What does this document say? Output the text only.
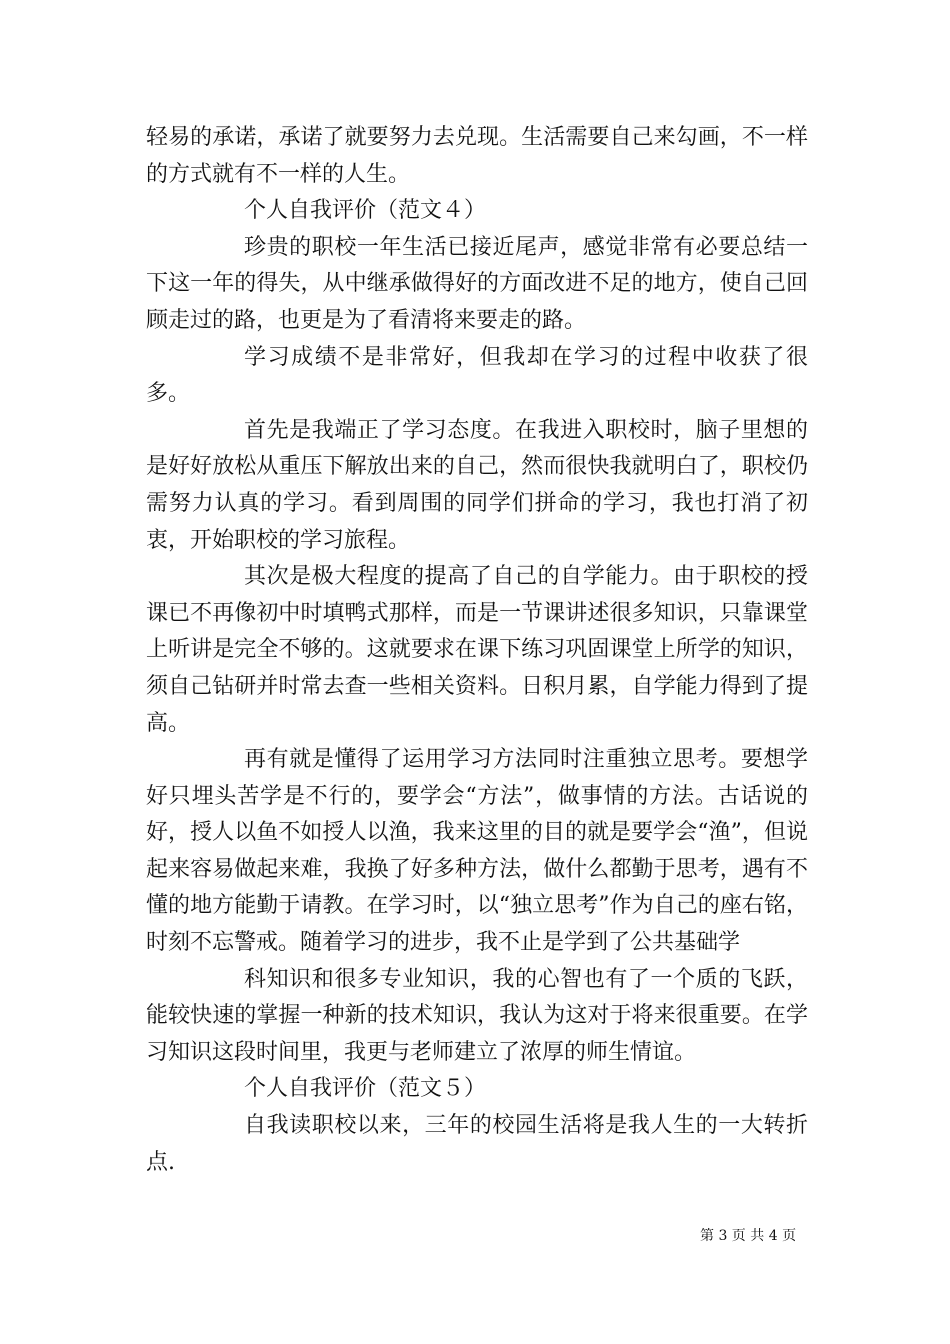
轻易的承诺，承诺了就要努力去兑现。生活需要自己来勾画，不一样的方式就有不一样的人生。

个人自我评价（范文４）

珍贵的职校一年生活已接近尾声，感觉非常有必要总结一下这一年的得失，从中继承做得好的方面改进不足的地方，使自己回顾走过的路，也更是为了看清将来要走的路。

学习成绩不是非常好，但我却在学习的过程中收获了很多。

首先是我端正了学习态度。在我进入职校时，脑子里想的是好好放松从重压下解放出来的自己，然而很快我就明白了，职校仍需努力认真的学习。看到周围的同学们拼命的学习，我也打消了初衷，开始职校的学习旅程。

其次是极大程度的提高了自己的自学能力。由于职校的授课已不再像初中时填鸭式那样，而是一节课讲述很多知识，只靠课堂上听讲是完全不够的。这就要求在课下练习巩固课堂上所学的知识，须自己钻研并时常去查一些相关资料。日积月累，自学能力得到了提高。

再有就是懂得了运用学习方法同时注重独立思考。要想学好只埋头苦学是不行的，要学会“方法”，做事情的方法。古话说的好，授人以鱼不如授人以渔，我来这里的目的就是要学会“渔”，但说起来容易做起来难，我换了好多种方法，做什么都勤于思考，遇有不懂的地方能勤于请教。在学习时，以“独立思考”作为自己的座右铭，时刻不忘警戒。随着学习的进步，我不止是学到了公共基础学

科知识和很多专业知识，我的心智也有了一个质的飞跃，能较快速的掌握一种新的技术知识，我认为这对于将来很重要。在学习知识这段时间里，我更与老师建立了浓厚的师生情谊。

个人自我评价（范文５）

自我读职校以来，三年的校园生活将是我人生的一大转折点.

第 3 页 共 4 页
